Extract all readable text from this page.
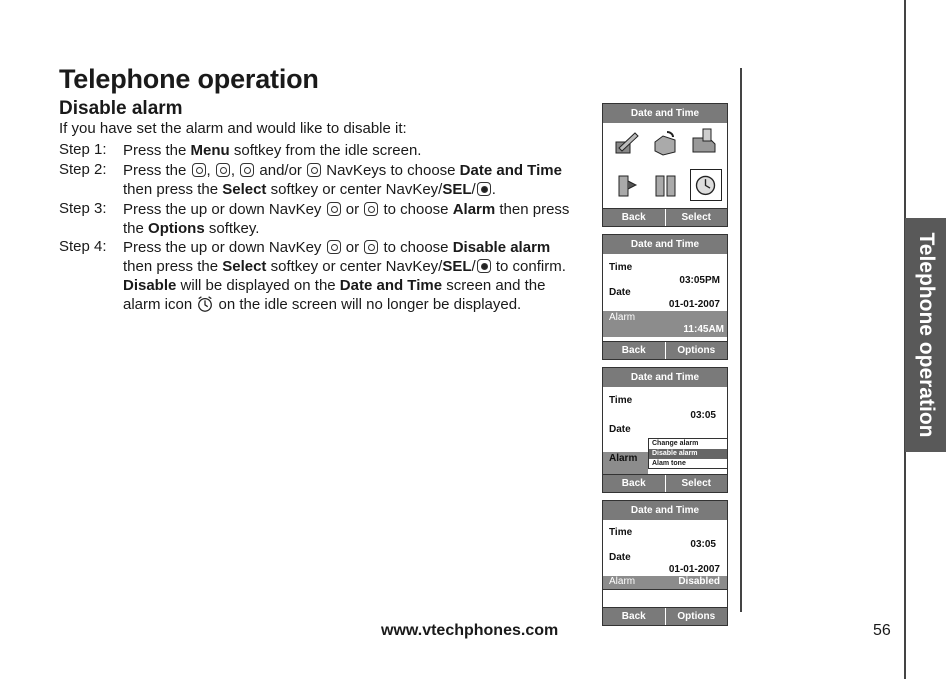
Telephone operation
Disable alarm
If you have set the alarm and would like to disable it:
Step 1: Press the Menu softkey from the idle screen.
Step 2: Press the , ,  and/or  NavKeys to choose Date and Time
then press the Select softkey or center NavKey/SEL/ .
Step 3: Press the up or down NavKey  or  to choose Alarm then press
the Options softkey.
Step 4: Press the up or down NavKey  or  to choose Disable alarm
then press the Select softkey or center NavKey/SEL/ to confirm.
Disable will be displayed on the Date and Time screen and the
alarm icon  on the idle screen will no longer be displayed.	Telephone operation
Date and Time
Back	Select
Date and Time
Time
03:05PM
Date
01-01-2007
Alarm
11:45AM
Back	Options
Date and Time
Time
03:05
Date
Alarm
Change alarm
Disable alarm
Alam tone
Back	Select
Date and Time
Time
03:05
Date
01-01-2007
Alarm	Disabled
Back	Options
www.vtechphones.com	56
